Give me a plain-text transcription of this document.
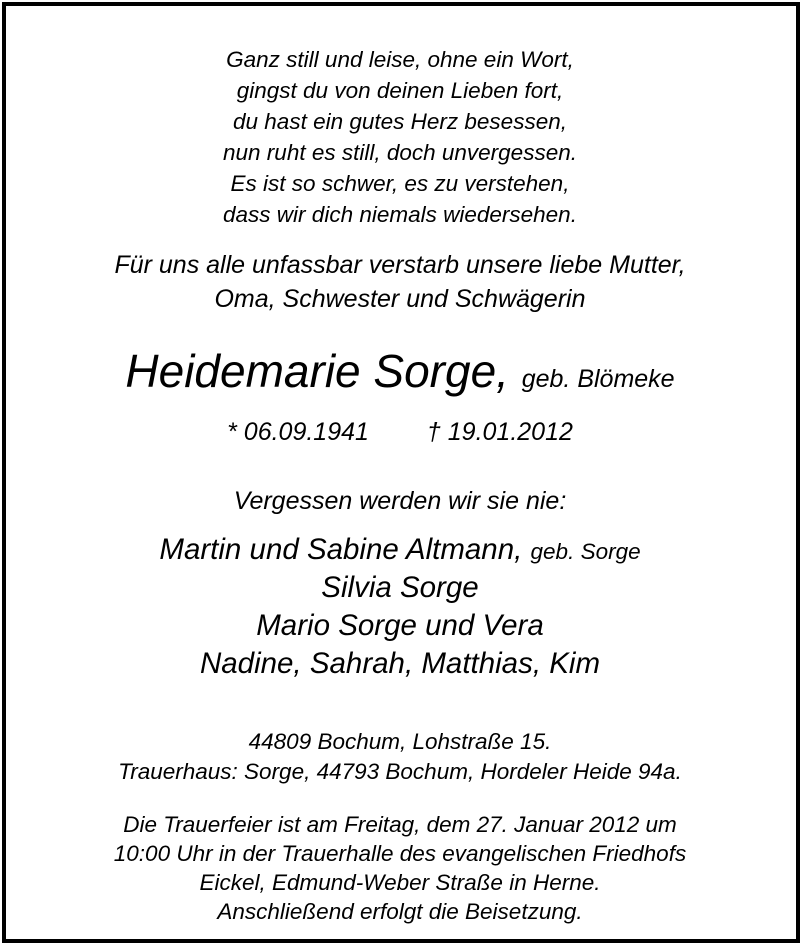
Ganz still und leise, ohne ein Wort,
gingst du von deinen Lieben fort,
du hast ein gutes Herz besessen,
nun ruht es still, doch unvergessen.
Es ist so schwer, es zu verstehen,
dass wir dich niemals wiedersehen.
Für uns alle unfassbar verstarb unsere liebe Mutter,
Oma, Schwester und Schwägerin
Heidemarie Sorge, geb. Blömeke
* 06.09.1941 † 19.01.2012
Vergessen werden wir sie nie:
Martin und Sabine Altmann, geb. Sorge
Silvia Sorge
Mario Sorge und Vera
Nadine, Sahrah, Matthias, Kim
44809 Bochum, Lohstraße 15.
Trauerhaus: Sorge, 44793 Bochum, Hordeler Heide 94a.
Die Trauerfeier ist am Freitag, dem 27. Januar 2012 um
10:00 Uhr in der Trauerhalle des evangelischen Friedhofs
Eickel, Edmund-Weber Straße in Herne.
Anschließend erfolgt die Beisetzung.
